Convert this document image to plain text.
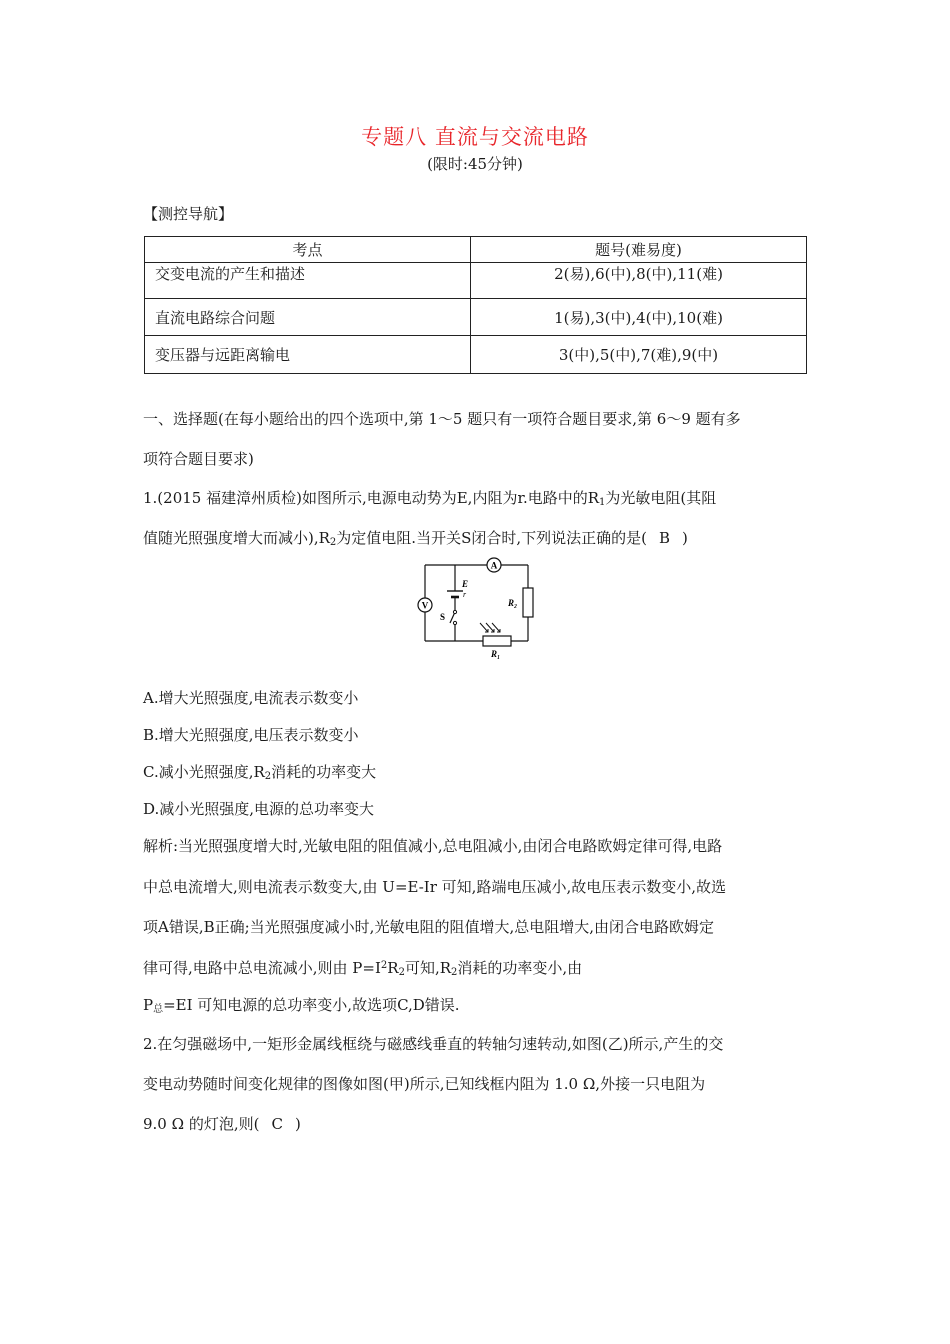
专题八 直流与交流电路
(限时:45分钟)
【测控导航】
考点	题号(难易度)
交变电流的产生和描述	2(易),6(中),8(中),11(难)
直流电路综合问题	1(易),3(中),4(中),10(难)
变压器与远距离输电	3(中),5(中),7(难),9(中)
一、选择题(在每小题给出的四个选项中,第 1～5 题只有一项符合题目要求,第 6～9 题有多
项符合题目要求)
1.(2015 福建漳州质检)如图所示,电源电动势为E,内阻为r.电路中的$R_1$为光敏电阻(其阻
值随光照强度增大而减小)$,R_2$为定值电阻.当开关S闭合时,下列说法正确的是( B )
A
V	R₂
R₁
E
r
S
A.增大光照强度,电流表示数变小
B.增大光照强度,电压表示数变小
C.减小光照强度$,R_2$消耗的功率变大
D.减小光照强度,电源的总功率变大
解析:当光照强度增大时,光敏电阻的阻值减小,总电阻减小,由闭合电路欧姆定律可得,电路
中总电流增大,则电流表示数变大,由 U=E-Ir 可知,路端电压减小,故电压表示数变小,故选
项A错误,B正确;当光照强度减小时,光敏电阻的阻值增大,总电阻增大,由闭合电路欧姆定
律可得,电路中总电流减小,则由 $P=I^2R_2$可知$,R_2$消耗的功率变小,由
$P_总=EI$ 可知电源的总功率变小,故选项C,D错误.
2.在匀强磁场中,一矩形金属线框绕与磁感线垂直的转轴匀速转动,如图(乙)所示,产生的交
变电动势随时间变化规律的图像如图(甲)所示,已知线框内阻为 1.0 Ω,外接一只电阻为
9.0 Ω 的灯泡,则( C )
